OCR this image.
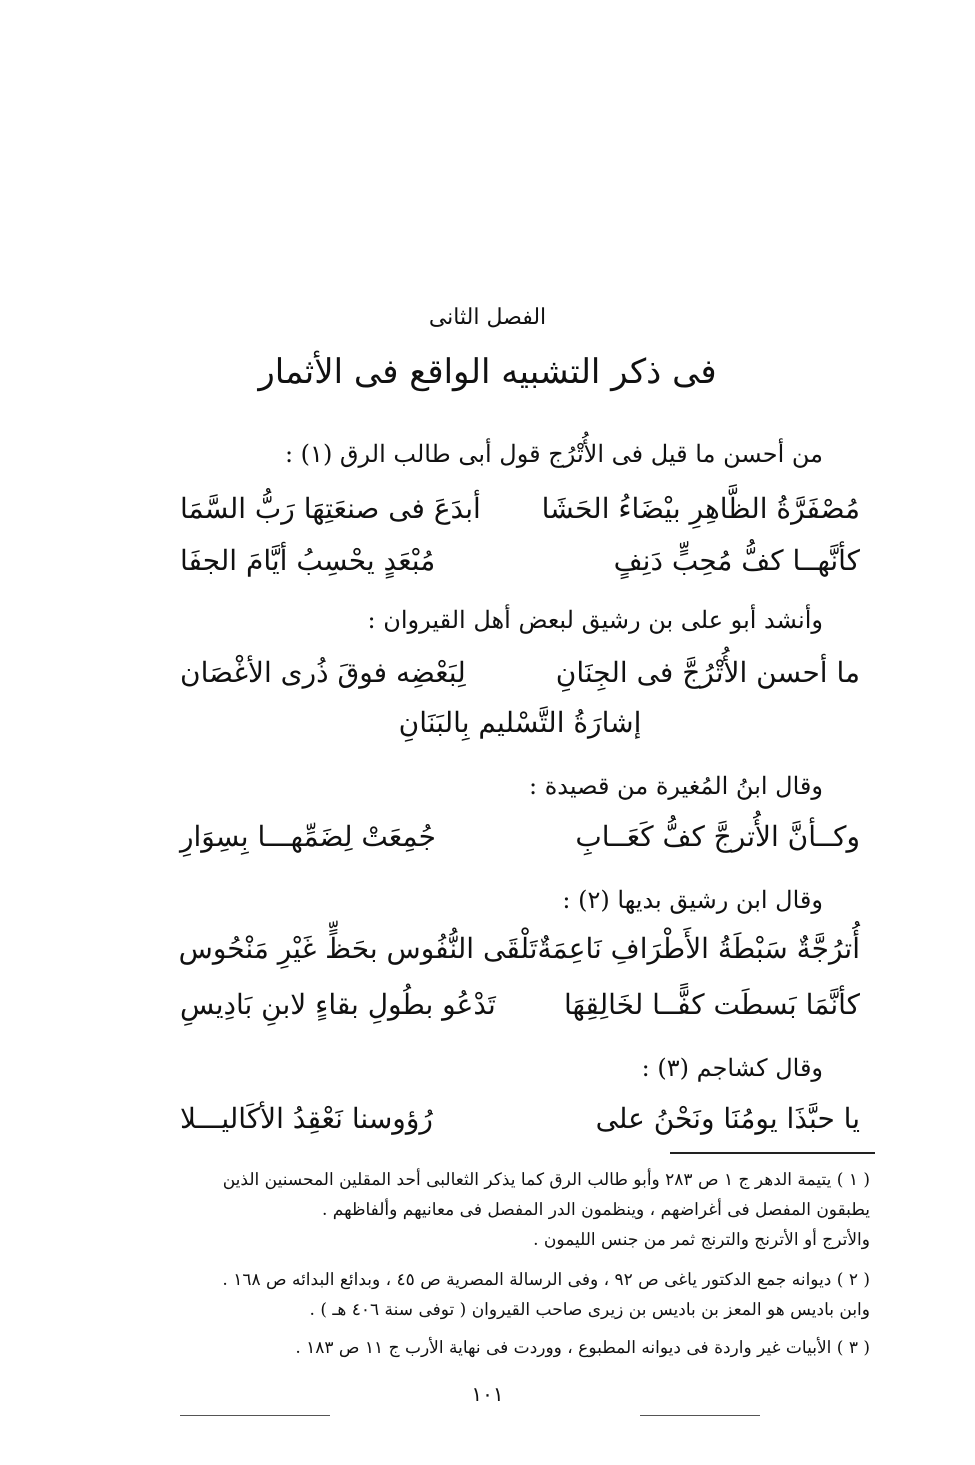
الفصل الثانى
فى ذكر التشبيه الواقع فى الأثمار
من أحسن ما قيل فى الأُتْرُج قول أبى طالب الرق (١) :
مُصْفَرَّةُ الظَّاهِرِ بيْضَاءُ الحَشَا
أبدَعَ فى صنعَتِهَا رَبُّ السَّمَا
كأنَّهــا كفُّ مُحِبٍّ دَنِفٍ
مُبْعَدٍ يحْسِبُ أيَّامَ الجفَا
وأنشد أبو على بن رشيق لبعض أهل القيروان :
ما أحسن الأُتْرُجَّ فى الجِنَانِ
لِبَعْضِه فوقَ ذُرى الأغْصَان
إشارَةُ التَّسْليم بِالبَنَانِ
وقال ابنُ المُغيرة من قصيدة :
وكــأنَّ الأُترجَّ كفُّ كَعَــابِ
جُمِعَتْ لِضَمِّهـــا بِسِوَارِ
وقال ابن رشيق بديها (٢) :
أُترُجَّةٌ سَبْطَةُ الأَطْرَافِ نَاعِمَةٌ
تَلْقَى النُّفُوس بحَظٍّ غَيْرِ مَنْحُوس
كأنَّمَا بَسطَت كفًّــا لخَالِقِهَا
تَدْعُو بطُولِ بقاءٍ لابنِ بَادِيسِ
وقال كشاجم (٣) :
يا حبَّذَا يومُنَا ونَحْنُ على
رُؤوسنا نَعْقِدُ الأكَاليـــلا
( ١ ) يتيمة الدهر ج ١ ص ٢٨٣ وأبو طالب الرق كما يذكر الثعالبى أحد المقلين المحسنين الذين
يطبقون المفصل فى أغراضهم ، وينظمون الدر المفصل فى معانيهم وألفاظهم .
والأترج أو الأترنج والترنج ثمر من جنس الليمون .
( ٢ ) ديوانه جمع الدكتور ياغى ص ٩٢ ، وفى الرسالة المصرية ص ٤٥ ، وبدائع البدائه ص ١٦٨ .
وابن باديس هو المعز بن باديس بن زيرى صاحب القيروان ( توفى سنة ٤٠٦ هـ ) .
( ٣ ) الأبيات غير واردة فى ديوانه المطبوع ، ووردت فى نهاية الأرب ج ١١ ص ١٨٣ .
١٠١
